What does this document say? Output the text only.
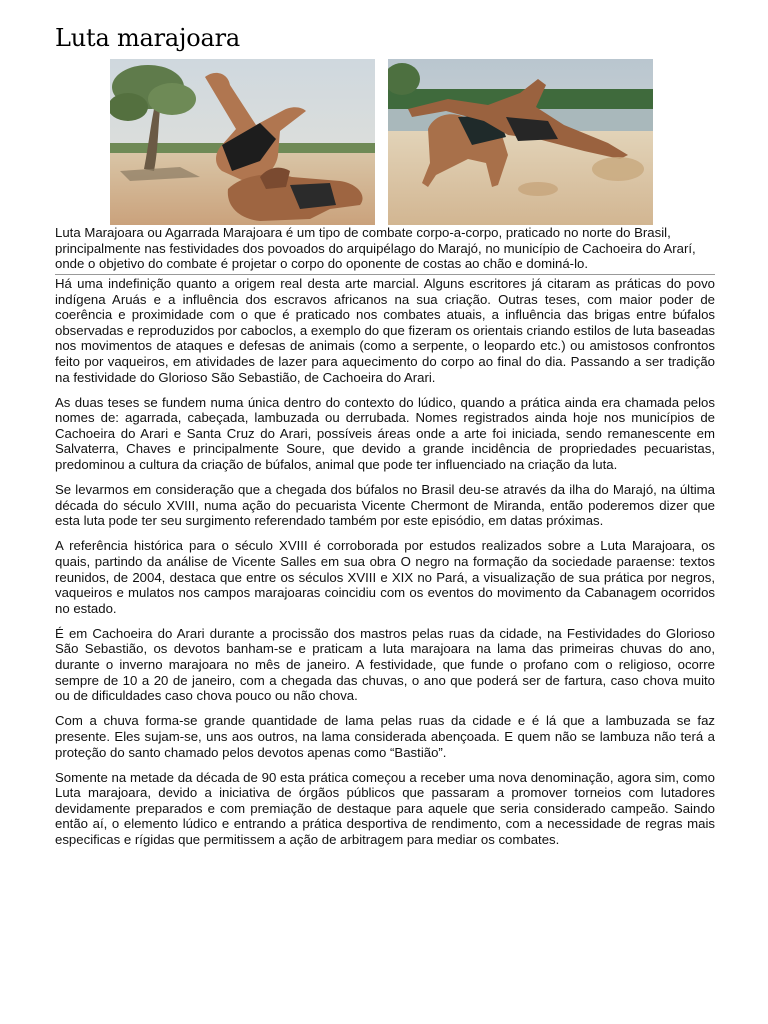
Luta marajoara

Luta Marajoara ou Agarrada Marajoara é um tipo de combate corpo-a-corpo, praticado no norte do Brasil, principalmente nas festividades dos povoados do arquipélago do Marajó, no município de Cachoeira do Ararí, onde o objetivo do combate é projetar o corpo do oponente de costas ao chão e dominá-lo.

Há uma indefinição quanto a origem real desta arte marcial. Alguns escritores já citaram as práticas do povo indígena Aruás e a influência dos escravos africanos na sua criação. Outras teses, com maior poder de coerência e proximidade com o que é praticado nos combates atuais, a influência das brigas entre búfalos observadas e reproduzidos por caboclos, a exemplo do que fizeram os orientais criando estilos de luta baseadas nos movimentos de ataques e defesas de animais (como a serpente, o leopardo etc.) ou amistosos confrontos feito por vaqueiros, em atividades de lazer para aquecimento do corpo ao final do dia. Passando a ser tradição na festividade do Glorioso São Sebastião, de Cachoeira do Arari.

As duas teses se fundem numa única dentro do contexto do lúdico, quando a prática ainda era chamada pelos nomes de: agarrada, cabeçada, lambuzada ou derrubada. Nomes registrados ainda hoje nos municípios de Cachoeira do Arari e Santa Cruz do Arari, possíveis áreas onde a arte foi iniciada, sendo remanescente em Salvaterra, Chaves e principalmente Soure, que devido a grande incidência de propriedades pecuaristas, predominou a cultura da criação de búfalos, animal que pode ter influenciado na criação da luta.

Se levarmos em consideração que a chegada dos búfalos no Brasil deu-se através da ilha do Marajó, na última década do século XVIII, numa ação do pecuarista Vicente Chermont de Miranda, então poderemos dizer que esta luta pode ter seu surgimento referendado também por este episódio, em datas próximas.

A referência histórica para o século XVIII é corroborada por estudos realizados sobre a Luta Marajoara, os quais, partindo da análise de Vicente Salles em sua obra O negro na formação da sociedade paraense: textos reunidos, de 2004, destaca que entre os séculos XVIII e XIX no Pará, a visualização de sua prática por negros, vaqueiros e mulatos nos campos marajoaras coincidiu com os eventos do movimento da Cabanagem ocorridos no estado.

É em Cachoeira do Arari durante a procissão dos mastros pelas ruas da cidade, na Festividades do Glorioso São Sebastião, os devotos banham-se e praticam a luta marajoara na lama das primeiras chuvas do ano, durante o inverno marajoara no mês de janeiro. A festividade, que funde o profano com o religioso, ocorre sempre de 10 a 20 de janeiro, com a chegada das chuvas, o ano que poderá ser de fartura, caso chova muito ou de dificuldades caso chova pouco ou não chova.

Com a chuva forma-se grande quantidade de lama pelas ruas da cidade e é lá que a lambuzada se faz presente. Eles sujam-se, uns aos outros, na lama considerada abençoada. E quem não se lambuza não terá a proteção do santo chamado pelos devotos apenas como “Bastião”.

Somente na metade da década de 90 esta prática começou a receber uma nova denominação, agora sim, como Luta marajoara, devido a iniciativa de órgãos públicos que passaram a promover torneios com lutadores devidamente preparados e com premiação de destaque para aquele que seria considerado campeão. Saindo então aí, o elemento lúdico e entrando a prática desportiva de rendimento, com a necessidade de regras mais especificas e rígidas que permitissem a ação de arbitragem para mediar os combates.
